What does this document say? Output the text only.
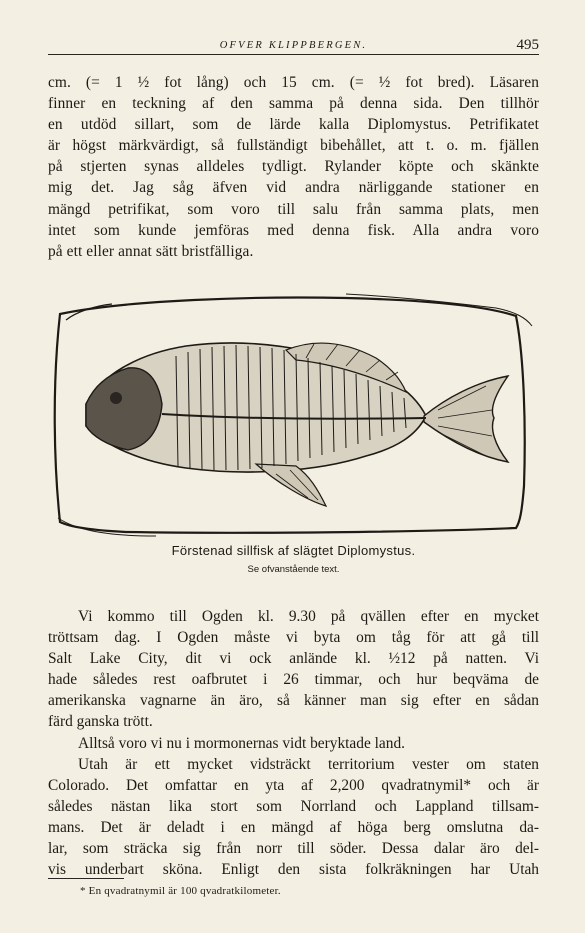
OFVER KLIPPBERGEN.	495
cm. (= 1 ½ fot lång) och 15 cm. (= ½ fot bred). Läsaren
finner en teckning af den samma på denna sida. Den tillhör
en utdöd sillart, som de lärde kalla Diplomystus. Petrifikatet
är högst märkvärdigt, så fullständigt bibehållet, att t. o. m. fjällen
på stjerten synas alldeles tydligt. Rylander köpte och skänkte
mig det. Jag såg äfven vid andra närliggande stationer en
mängd petrifikat, som voro till salu från samma plats, men
intet som kunde jemföras med denna fisk. Alla andra voro
på ett eller annat sätt bristfälliga.
Förstenad sillfisk af slägtet Diplomystus.
Se ofvanstående text.
Vi kommo till Ogden kl. 9.30 på qvällen efter en mycket
tröttsam dag. I Ogden måste vi byta om tåg för att gå till
Salt Lake City, dit vi ock anlände kl. ½12 på natten. Vi
hade således rest oafbrutet i 26 timmar, och hur beqväma de
amerikanska vagnarne än äro, så känner man sig efter en sådan
färd ganska trött.
Alltså voro vi nu i mormonernas vidt beryktade land.
Utah är ett mycket vidsträckt territorium vester om staten
Colorado. Det omfattar en yta af 2,200 qvadratnymil* och är
således nästan lika stort som Norrland och Lappland tillsam-
mans. Det är deladt i en mängd af höga berg omslutna da-
lar, som sträcka sig från norr till söder. Dessa dalar äro del-
vis underbart sköna. Enligt den sista folkräkningen har Utah
* En qvadratnymil är 100 qvadratkilometer.
